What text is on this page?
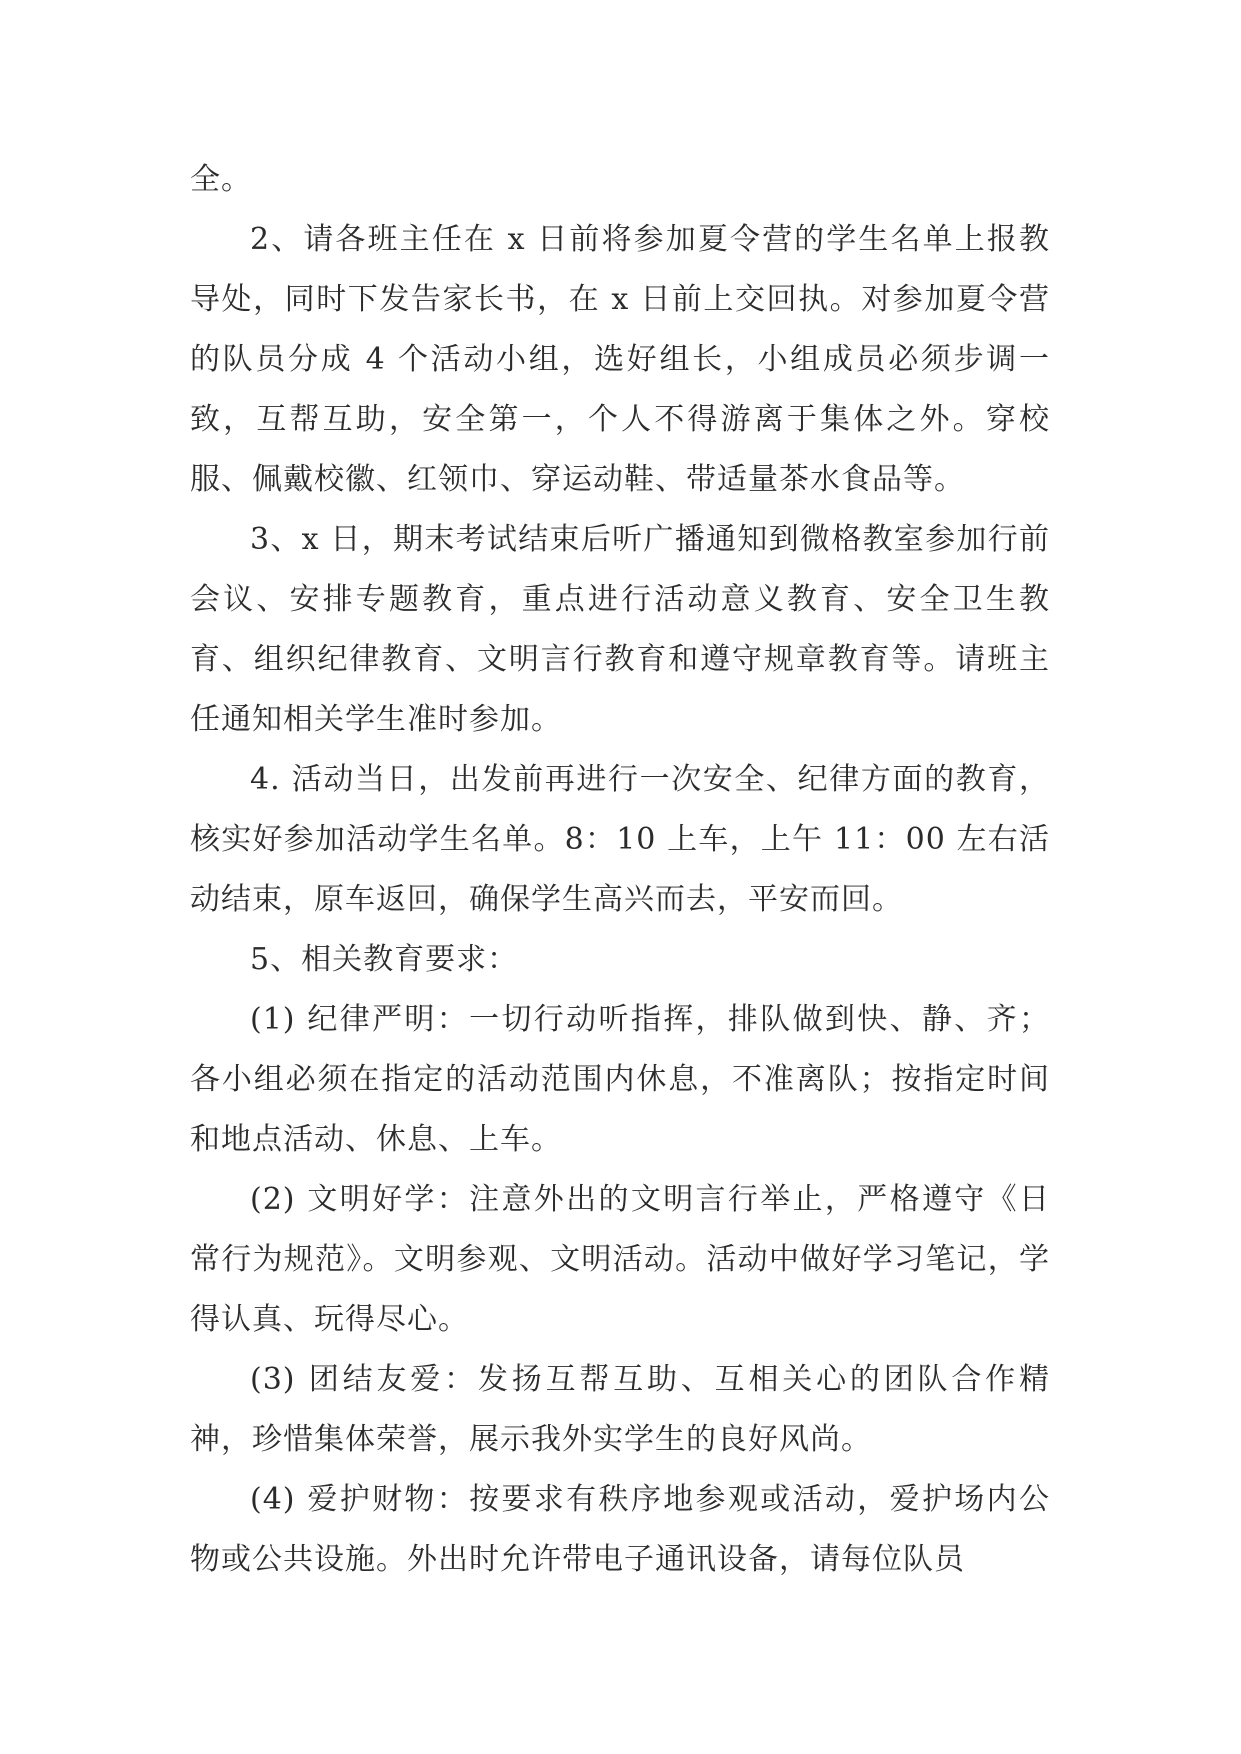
全。

2、请各班主任在 x 日前将参加夏令营的学生名单上报教导处，同时下发告家长书，在 x 日前上交回执。对参加夏令营的队员分成 4 个活动小组，选好组长，小组成员必须步调一致，互帮互助，安全第一，个人不得游离于集体之外。穿校服、佩戴校徽、红领巾、穿运动鞋、带适量茶水食品等。

3、x 日，期末考试结束后听广播通知到微格教室参加行前会议、安排专题教育，重点进行活动意义教育、安全卫生教育、组织纪律教育、文明言行教育和遵守规章教育等。请班主任通知相关学生准时参加。

4. 活动当日，出发前再进行一次安全、纪律方面的教育，核实好参加活动学生名单。8：10 上车，上午 11：00 左右活动结束，原车返回，确保学生高兴而去，平安而回。

5、相关教育要求：

(1) 纪律严明：一切行动听指挥，排队做到快、静、齐；各小组必须在指定的活动范围内休息，不准离队；按指定时间和地点活动、休息、上车。

(2) 文明好学：注意外出的文明言行举止，严格遵守《日常行为规范》。文明参观、文明活动。活动中做好学习笔记，学得认真、玩得尽心。

(3) 团结友爱：发扬互帮互助、互相关心的团队合作精神，珍惜集体荣誉，展示我外实学生的良好风尚。

(4) 爱护财物：按要求有秩序地参观或活动，爱护场内公物或公共设施。外出时允许带电子通讯设备，请每位队员
